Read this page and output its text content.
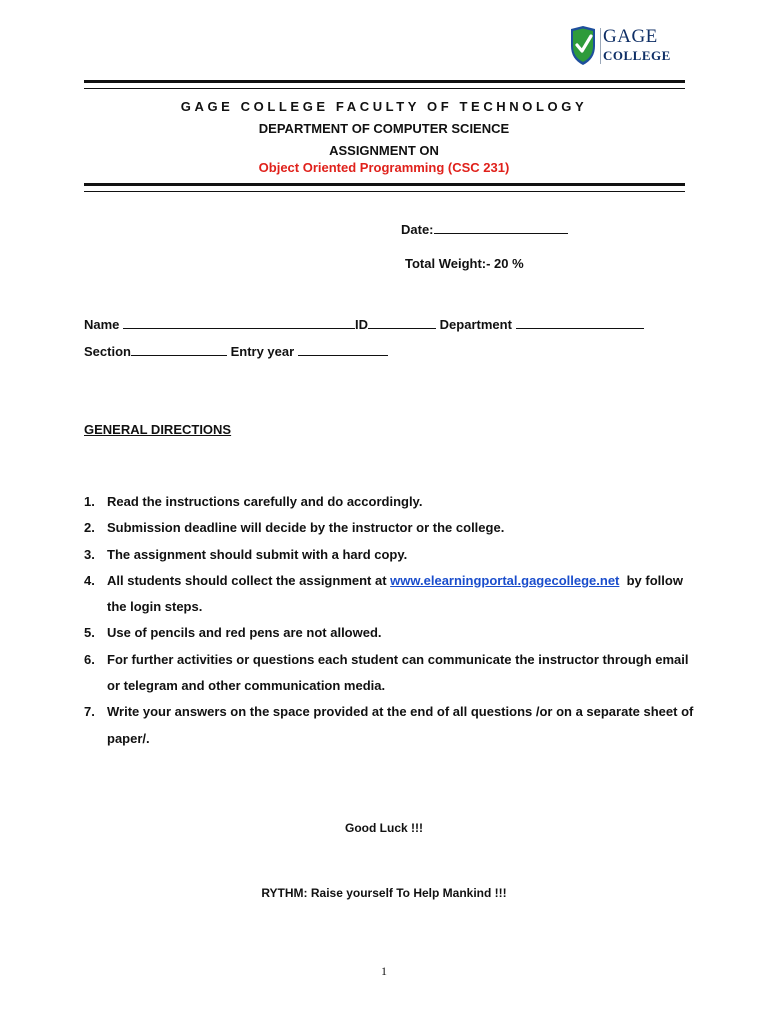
GAGE
COLLEGE
GAGE COLLEGE FACULTY OF TECHNOLOGY
DEPARTMENT OF COMPUTER SCIENCE
ASSIGNMENT ON
Object Oriented Programming (CSC 231)
Date:
Total Weight:- 20 %
Name	ID	Department
Section	Entry year
GENERAL DIRECTIONS
1. Read the instructions carefully and do accordingly.
2. Submission deadline will decide by the instructor or the college.
3. The assignment should submit with a hard copy.
4. All students should collect the assignment at www.elearningportal.gagecollege.net  by follow the login steps.
5. Use of pencils and red pens are not allowed.
6. For further activities or questions each student can communicate the instructor through email or telegram and other communication media.
7. Write your answers on the space provided at the end of all questions /or on a separate sheet of paper/.
Good Luck !!!
RYTHM: Raise yourself To Help Mankind !!!
1
